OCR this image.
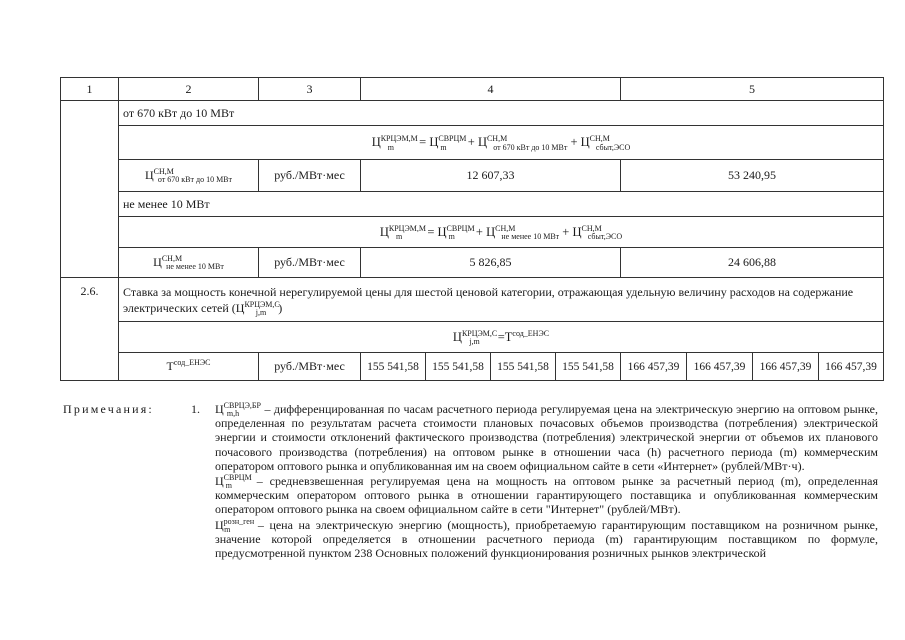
1	2	3	4				5			
	от 670 кВт до 10 МВт									
	$Ц^{КРЦЭМ,М}_m = Ц^{СВРЦМ}_m + Ц^{СН,М}_{от 670 кВт до 10 МВт} + Ц^{СН,М}_{сбыт,ЭСО}$
	$Ц^{СН,М}_{от 670 кВт до 10 МВт}$	руб./МВт·мес	12 607,33				53 240,95			
	не менее 10 МВт									
	$Ц^{КРЦЭМ,М}_m = Ц^{СВРЦМ}_m + Ц^{СН,М}_{не менее 10 МВт} + Ц^{СН,М}_{сбыт,ЭСО}$
	$Ц^{СН,М}_{не менее 10 МВт}$	руб./МВт·мес	5 826,85				24 606,88			
2.6.	Ставка за мощность конечной нерегулируемой цены для шестой ценовой категории, отражающая удельную величину расходов на содержание электрических сетей ($Ц^{КРЦЭМ,С}_{j,m}$ )									
	$Ц^{КРЦЭМ,С}_{j,m} =Т^{сод\_ЕНЭС}$
	$Т^{сод\_ЕНЭС}$	руб./МВт·мес	155 541,58	155 541,58	155 541,58	155 541,58	166 457,39	166 457,39	166 457,39	166 457,39
Примечания:	1. $Ц^{СВРЦЭ,БР}_{m,h}$ – дифференцированная по часам расчетного периода регулируемая цена на электрическую энергию на оптовом рынке, определенная по результатам расчета стоимости плановых почасовых объемов производства (потребления) электрической энергии и стоимости отклонений фактического производства (потребления) электрической энергии от объемов их планового почасового производства (потребления) на оптовом рынке в отношении часа (h) расчетного периода (m) коммерческим оператором оптового рынка и опубликованная им на своем официальном сайте в сети «Интернет» (рублей/МВт·ч).

$Ц^{СВРЦМ}_m$ – средневзвешенная регулируемая цена на мощность на оптовом рынке за расчетный период (m), определенная коммерческим оператором оптового рынка в отношении гарантирующего поставщика и опубликованная коммерческим оператором оптового рынка на своем официальном сайте в сети "Интернет" (рублей/МВт).

$Ц^{розн\_ген}_m$ – цена на электрическую энергию (мощность), приобретаемую гарантирующим поставщиком на розничном рынке, значение которой определяется в отношении расчетного периода (m) гарантирующим поставщиком по формуле, предусмотренной пунктом 238 Основных положений функционирования розничных рынков электрической
